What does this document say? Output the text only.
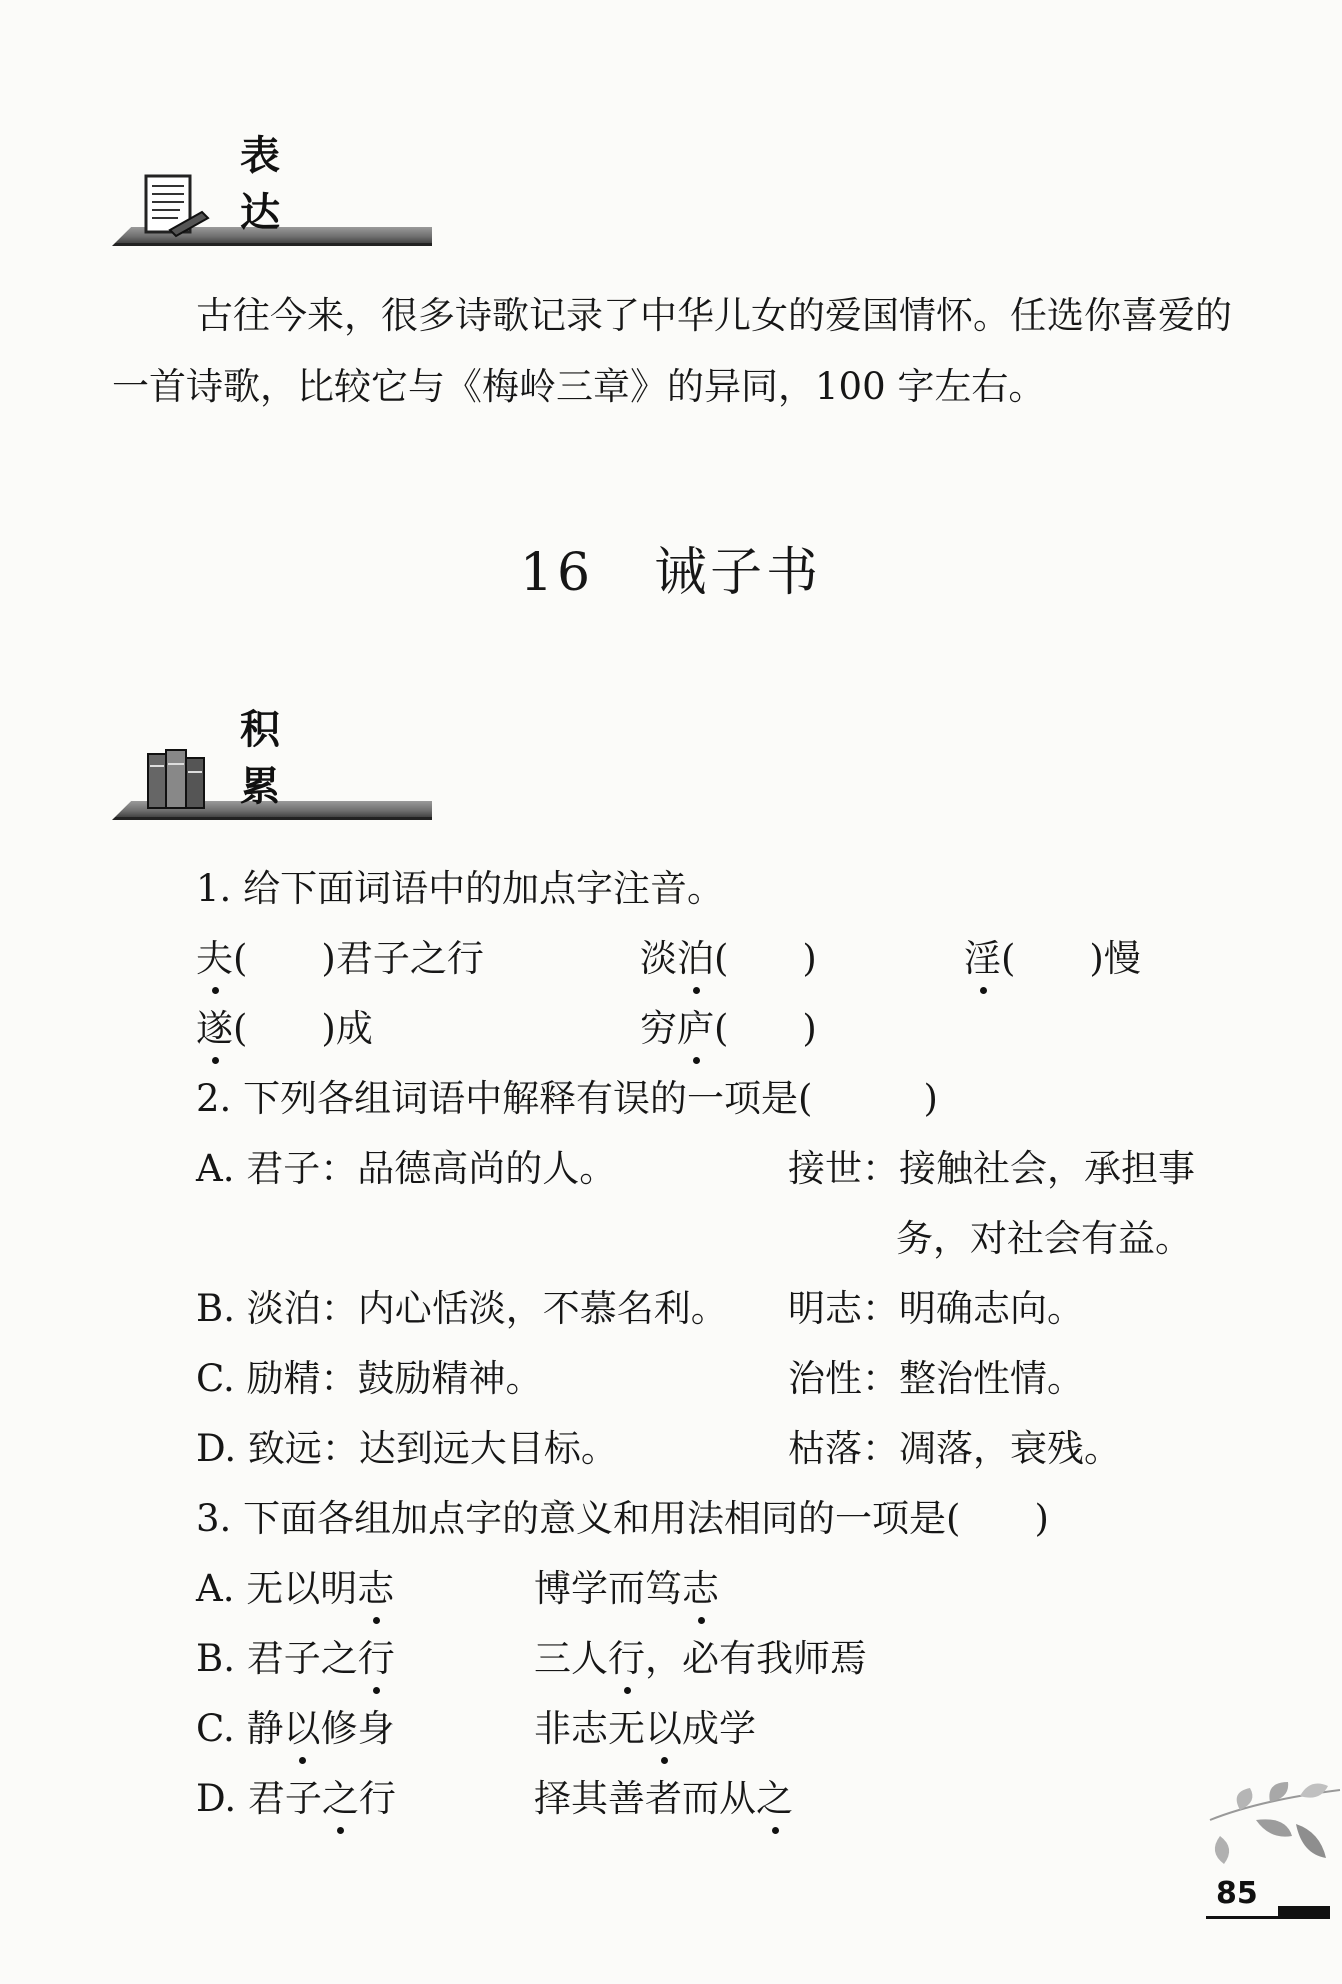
表 达
古往今来，很多诗歌记录了中华儿女的爱国情怀。任选你喜爱的一首诗歌，比较它与《梅岭三章》的异同，100 字左右。
16 诫子书
积 累
1. 给下面词语中的加点字注音。
夫(　　)君子之行	淡泊(　　)	淫(　　)慢
遂(　　)成	穷庐(　　)
2. 下列各组词语中解释有误的一项是(　　　)
A. 君子：品德高尚的人。	接世：接触社会，承担事
务，对社会有益。
B. 淡泊：内心恬淡，不慕名利。 明志：明确志向。
C. 励精：鼓励精神。	治性：整治性情。
D. 致远：达到远大目标。	枯落：凋落，衰残。
3. 下面各组加点字的意义和用法相同的一项是(　　)
A. 无以明志	博学而笃志
B. 君子之行	三人行，必有我师焉
C. 静以修身	非志无以成学
D. 君子之行	择其善者而从之
85
